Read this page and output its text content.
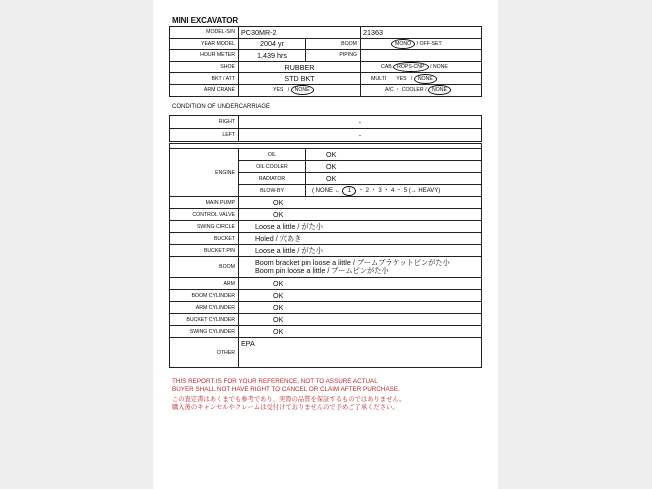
MINI EXCAVATOR
MODEL-S/N	PC30MR-2		21363
YEAR MODEL	2004 yr	BOOM	MONO / OFF-SET
HOUR METER	1,439 hrs	PIPING	
SHOE	RUBBER		CAB ROPS-CNP / NONE
BKT / ATT	STD BKT		MULTI YES / NONE
ARM CRANE	YES / NONE		A/C ・ COOLER / NONE
CONDITION OF UNDERCARRIAGE
RIGHT	-
LEFT	-

ENGINE	OIL	OK
	OIL COOLER	OK
	RADIATOR	OK
	BLOW-BY	( NONE ← 1 ・ 2 ・ 3 ・ 4 ・ 5 (→ HEAVY)
MAIN PUMP	OK	
CONTROL VALVE	OK	
SWING CIRCLE	Loose a little / がた小	
BUCKET	Holed / 穴あき	
BUCKET PIN	Loose a little / がた小	
BOOM	Boom bracket pin loose a little / ブームブラケットピンがた小
Boom pin loose a little / ブームピンがた小	

ARM	OK	
BOOM CYLINDER	OK	
ARM CYLINDER	OK	
BUCKET CYLINDER	OK	
SWING CYLINDER	OK	
OTHER	EPA	
THIS REPORT IS FOR YOUR REFERENCE, NOT TO ASSURE ACTUAL
BUYER SHALL NOT HAVE RIGHT TO CANCEL OR CLAIM AFTER PURCHASE.
この査定書はあくまでも参考であり、実際の品質を保証するものではありません。
購入後のキャンセルやクレームは受付けておりませんので予めご了承ください。
